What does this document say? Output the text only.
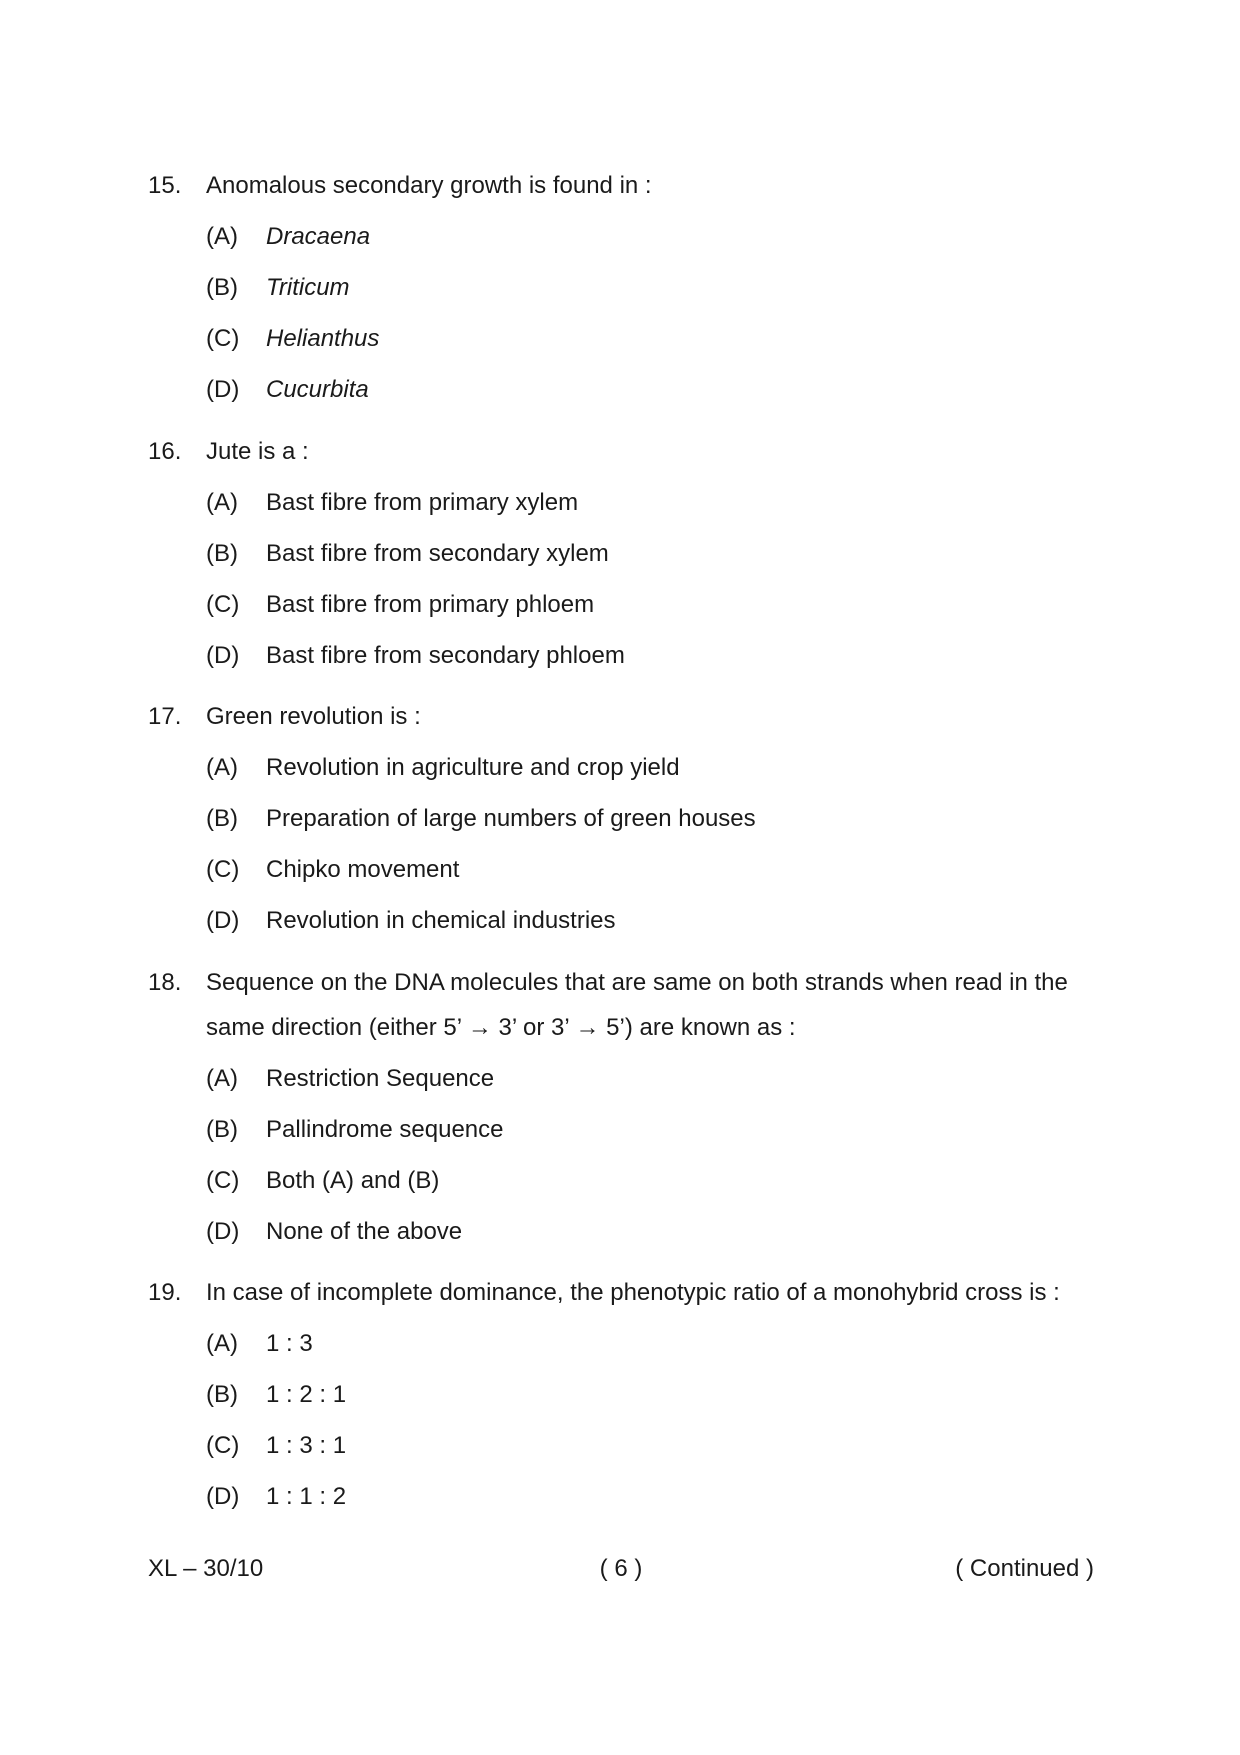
15. Anomalous secondary growth is found in :
(A) Dracaena
(B) Triticum
(C) Helianthus
(D) Cucurbita
16. Jute is a :
(A) Bast fibre from primary xylem
(B) Bast fibre from secondary xylem
(C) Bast fibre from primary phloem
(D) Bast fibre from secondary phloem
17. Green revolution is :
(A) Revolution in agriculture and crop yield
(B) Preparation of large numbers of green houses
(C) Chipko movement
(D) Revolution in chemical industries
18. Sequence on the DNA molecules that are same on both strands when read in the same direction (either 5’ → 3’ or 3’ → 5’) are known as :
(A) Restriction Sequence
(B) Pallindrome sequence
(C) Both (A) and (B)
(D) None of the above
19. In case of incomplete dominance, the phenotypic ratio of a monohybrid cross is :
(A) 1 : 3
(B) 1 : 2 : 1
(C) 1 : 3 : 1
(D) 1 : 1 : 2
XL – 30/10	( 6 )	( Continued )
